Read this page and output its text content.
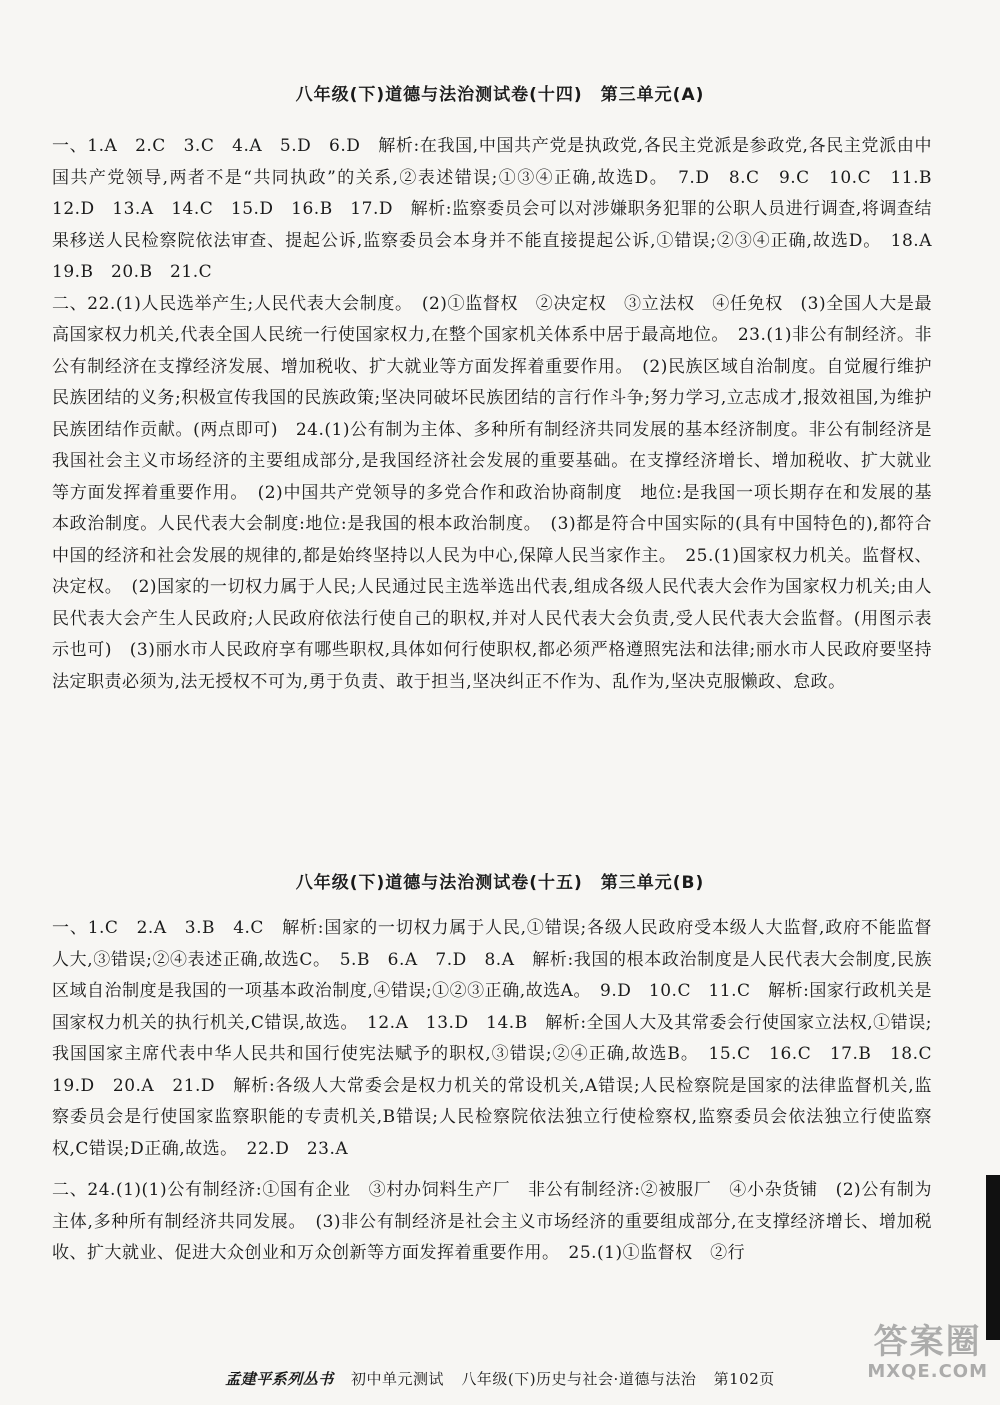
八年级(下)道德与法治测试卷(十四)　第三单元(A)

一、1.A　2.C　3.C　4.A　5.D　6.D　解析:在我国,中国共产党是执政党,各民主党派是参政党,各民主党派由中国共产党领导,两者不是“共同执政”的关系,②表述错误;①③④正确,故选D。　7.D　8.C　9.C　10.C　11.B　12.D　13.A　14.C　15.D　16.B　17.D　解析:监察委员会可以对涉嫌职务犯罪的公职人员进行调查,将调查结果移送人民检察院依法审查、提起公诉,监察委员会本身并不能直接提起公诉,①错误;②③④正确,故选D。　18.A　19.B　20.B　21.C

二、22.(1)人民选举产生;人民代表大会制度。　(2)①监督权　②决定权　③立法权　④任免权　(3)全国人大是最高国家权力机关,代表全国人民统一行使国家权力,在整个国家机关体系中居于最高地位。　23.(1)非公有制经济。非公有制经济在支撑经济发展、增加税收、扩大就业等方面发挥着重要作用。　(2)民族区域自治制度。自觉履行维护民族团结的义务;积极宣传我国的民族政策;坚决同破坏民族团结的言行作斗争;努力学习,立志成才,报效祖国,为维护民族团结作贡献。(两点即可)　24.(1)公有制为主体、多种所有制经济共同发展的基本经济制度。非公有制经济是我国社会主义市场经济的主要组成部分,是我国经济社会发展的重要基础。在支撑经济增长、增加税收、扩大就业等方面发挥着重要作用。　(2)中国共产党领导的多党合作和政治协商制度　地位:是我国一项长期存在和发展的基本政治制度。人民代表大会制度:地位:是我国的根本政治制度。　(3)都是符合中国实际的(具有中国特色的),都符合中国的经济和社会发展的规律的,都是始终坚持以人民为中心,保障人民当家作主。　25.(1)国家权力机关。监督权、决定权。　(2)国家的一切权力属于人民;人民通过民主选举选出代表,组成各级人民代表大会作为国家权力机关;由人民代表大会产生人民政府;人民政府依法行使自己的职权,并对人民代表大会负责,受人民代表大会监督。(用图示表示也可)　(3)丽水市人民政府享有哪些职权,具体如何行使职权,都必须严格遵照宪法和法律;丽水市人民政府要坚持法定职责必须为,法无授权不可为,勇于负责、敢于担当,坚决纠正不作为、乱作为,坚决克服懒政、怠政。

八年级(下)道德与法治测试卷(十五)　第三单元(B)

一、1.C　2.A　3.B　4.C　解析:国家的一切权力属于人民,①错误;各级人民政府受本级人大监督,政府不能监督人大,③错误;②④表述正确,故选C。　5.B　6.A　7.D　8.A　解析:我国的根本政治制度是人民代表大会制度,民族区域自治制度是我国的一项基本政治制度,④错误;①②③正确,故选A。　9.D　10.C　11.C　解析:国家行政机关是国家权力机关的执行机关,C错误,故选。　12.A　13.D　14.B　解析:全国人大及其常委会行使国家立法权,①错误;我国国家主席代表中华人民共和国行使宪法赋予的职权,③错误;②④正确,故选B。　15.C　16.C　17.B　18.C　19.D　20.A　21.D　解析:各级人大常委会是权力机关的常设机关,A错误;人民检察院是国家的法律监督机关,监察委员会是行使国家监察职能的专责机关,B错误;人民检察院依法独立行使检察权,监察委员会依法独立行使监察权,C错误;D正确,故选。　22.D　23.A

二、24.(1)(1)公有制经济:①国有企业　③村办饲料生产厂　非公有制经济:②被服厂　④小杂货铺　(2)公有制为主体,多种所有制经济共同发展。　(3)非公有制经济是社会主义市场经济的重要组成部分,在支撑经济增长、增加税收、扩大就业、促进大众创业和万众创新等方面发挥着重要作用。　25.(1)①监督权　②行

孟建平系列丛书 初中单元测试 八年级(下)历史与社会·道德与法治 第102页
答案圈
MXQE.COM
